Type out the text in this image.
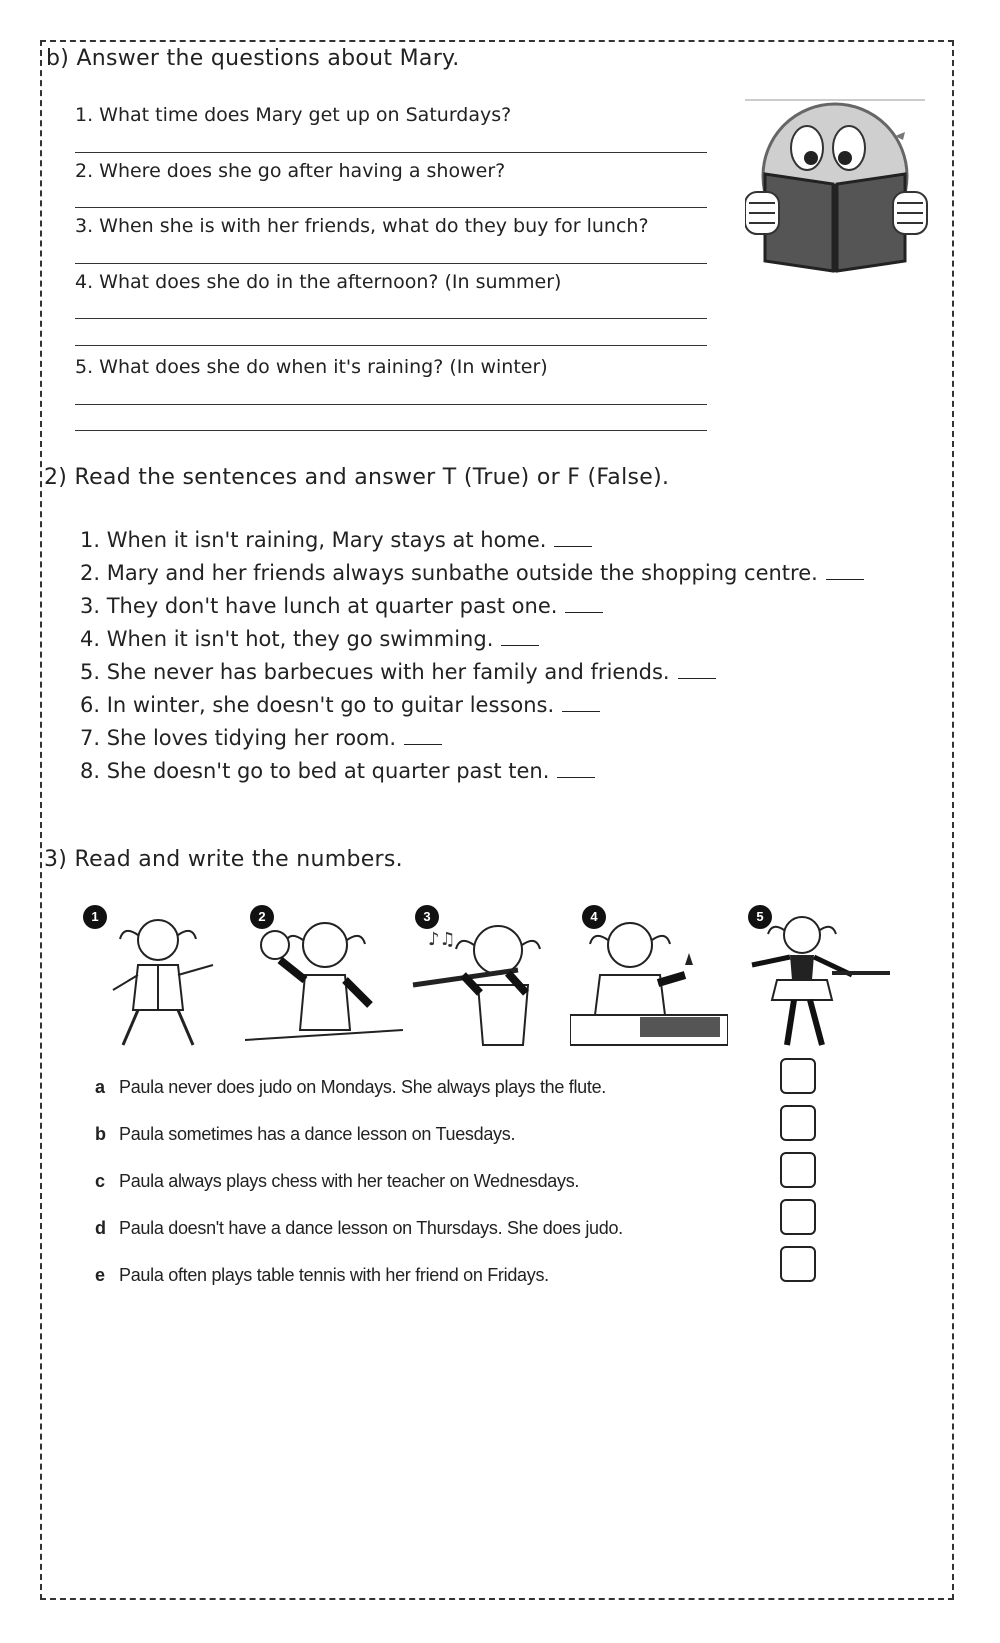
b) Answer the questions about Mary.
1. What time does Mary get up on Saturdays?
2. Where does she go after having a shower?
3. When she is with her friends, what do they buy for lunch?
4. What does she do in the afternoon? (In summer)
5. What does she do when it's raining? (In winter)
2) Read the sentences and answer T (True) or F (False).
1. When it isn't raining, Mary stays at home.
2. Mary and her friends always sunbathe outside the shopping centre.
3. They don't have lunch at quarter past one.
4. When it isn't hot, they go swimming.
5. She never has barbecues with her family and friends.
6. In winter, she doesn't go to guitar lessons.
7. She loves tidying her room.
8. She doesn't go to bed at quarter past ten.
3) Read and write the numbers.
♪♫
1	2	3	4	5
a Paula never does judo on Mondays. She always plays the flute.
b Paula sometimes has a dance lesson on Tuesdays.
c Paula always plays chess with her teacher on Wednesdays.
d Paula doesn't have a dance lesson on Thursdays. She does judo.
e Paula often plays table tennis with her friend on Fridays.
